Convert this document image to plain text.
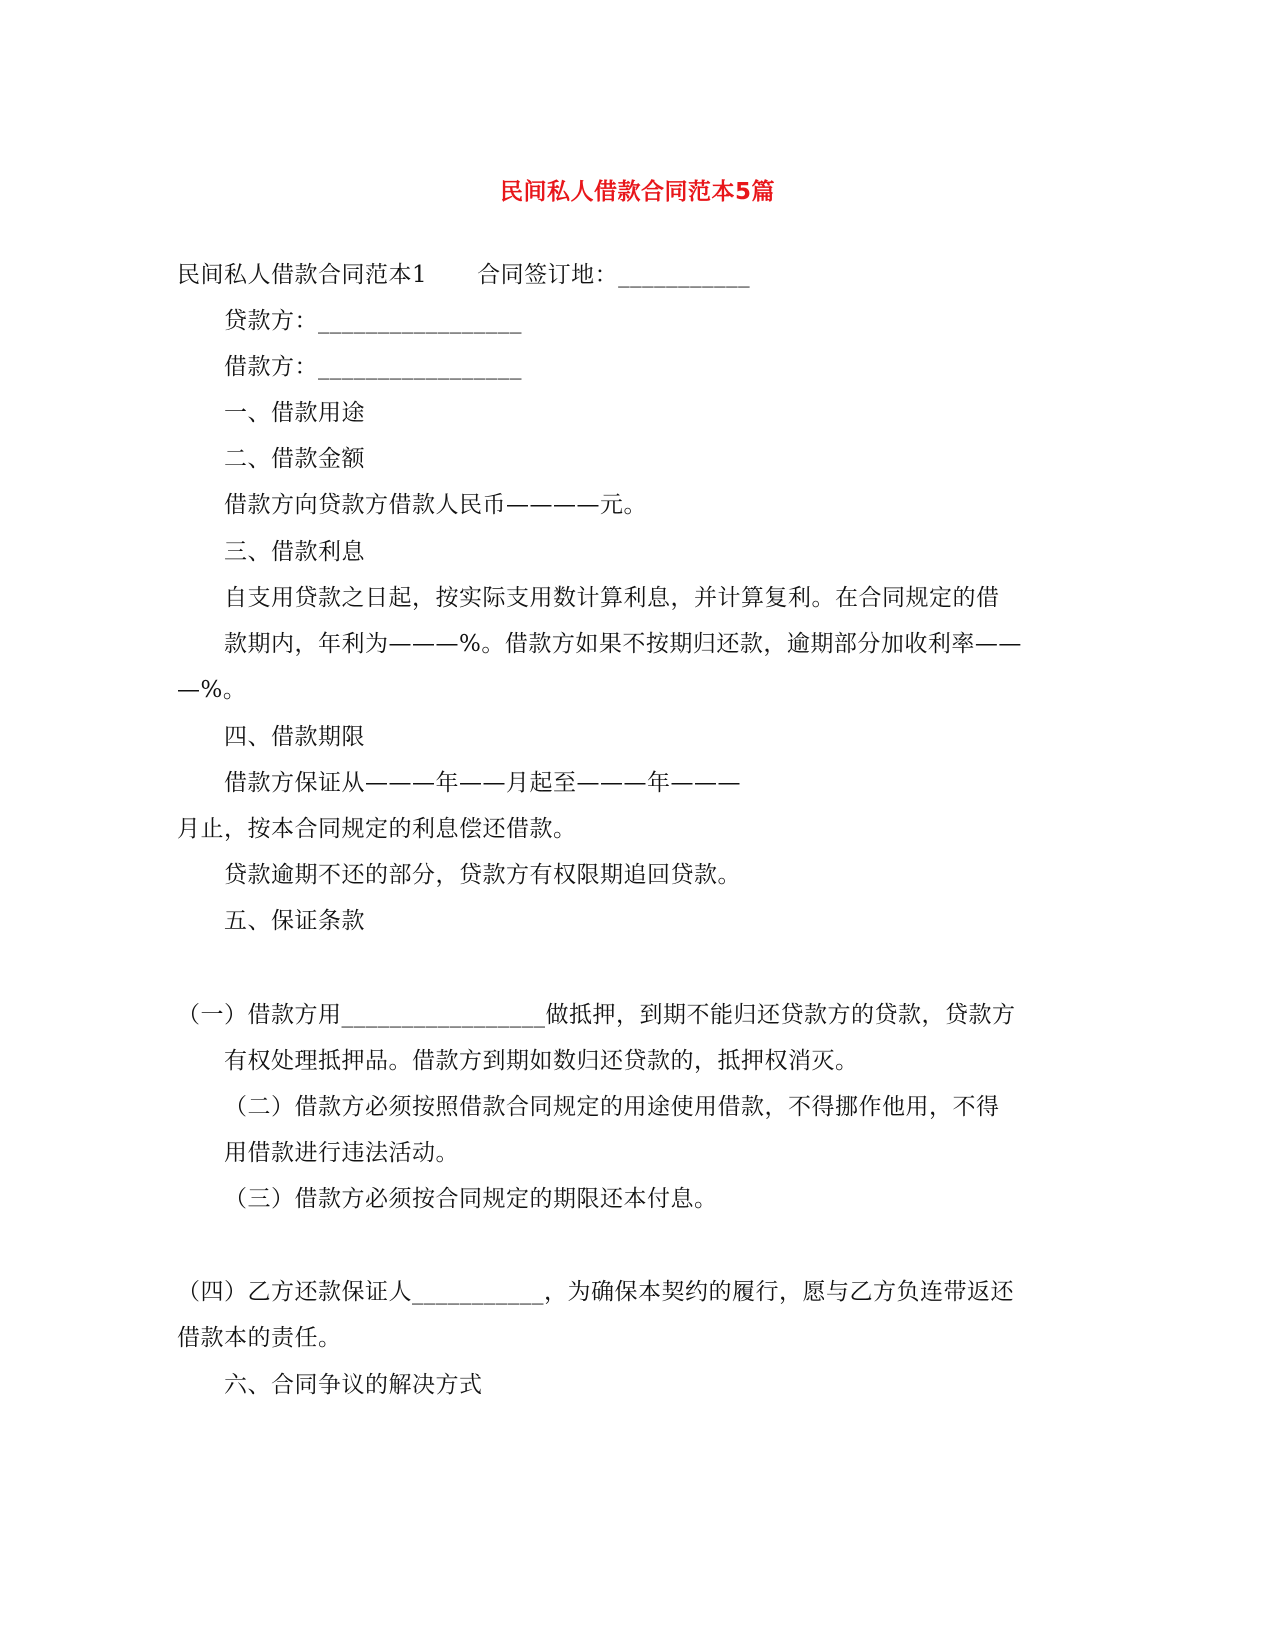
民间私人借款合同范本5篇
民间私人借款合同范本1 合同签订地：___________
贷款方：_________________
借款方：_________________
一、借款用途
二、借款金额
借款方向贷款方借款人民币————元。
三、借款利息
自支用贷款之日起，按实际支用数计算利息，并计算复利。在合同规定的借
款期内，年利为———%。借款方如果不按期归还款，逾期部分加收利率——
—%。
四、借款期限
借款方保证从———年——月起至———年———
月止，按本合同规定的利息偿还借款。
贷款逾期不还的部分，贷款方有权限期追回贷款。
五、保证条款
（一）借款方用_________________做抵押，到期不能归还贷款方的贷款，贷款方
有权处理抵押品。借款方到期如数归还贷款的，抵押权消灭。
（二）借款方必须按照借款合同规定的用途使用借款，不得挪作他用，不得
用借款进行违法活动。
（三）借款方必须按合同规定的期限还本付息。
（四）乙方还款保证人___________，为确保本契约的履行，愿与乙方负连带返还
借款本的责任。
六、合同争议的解决方式
